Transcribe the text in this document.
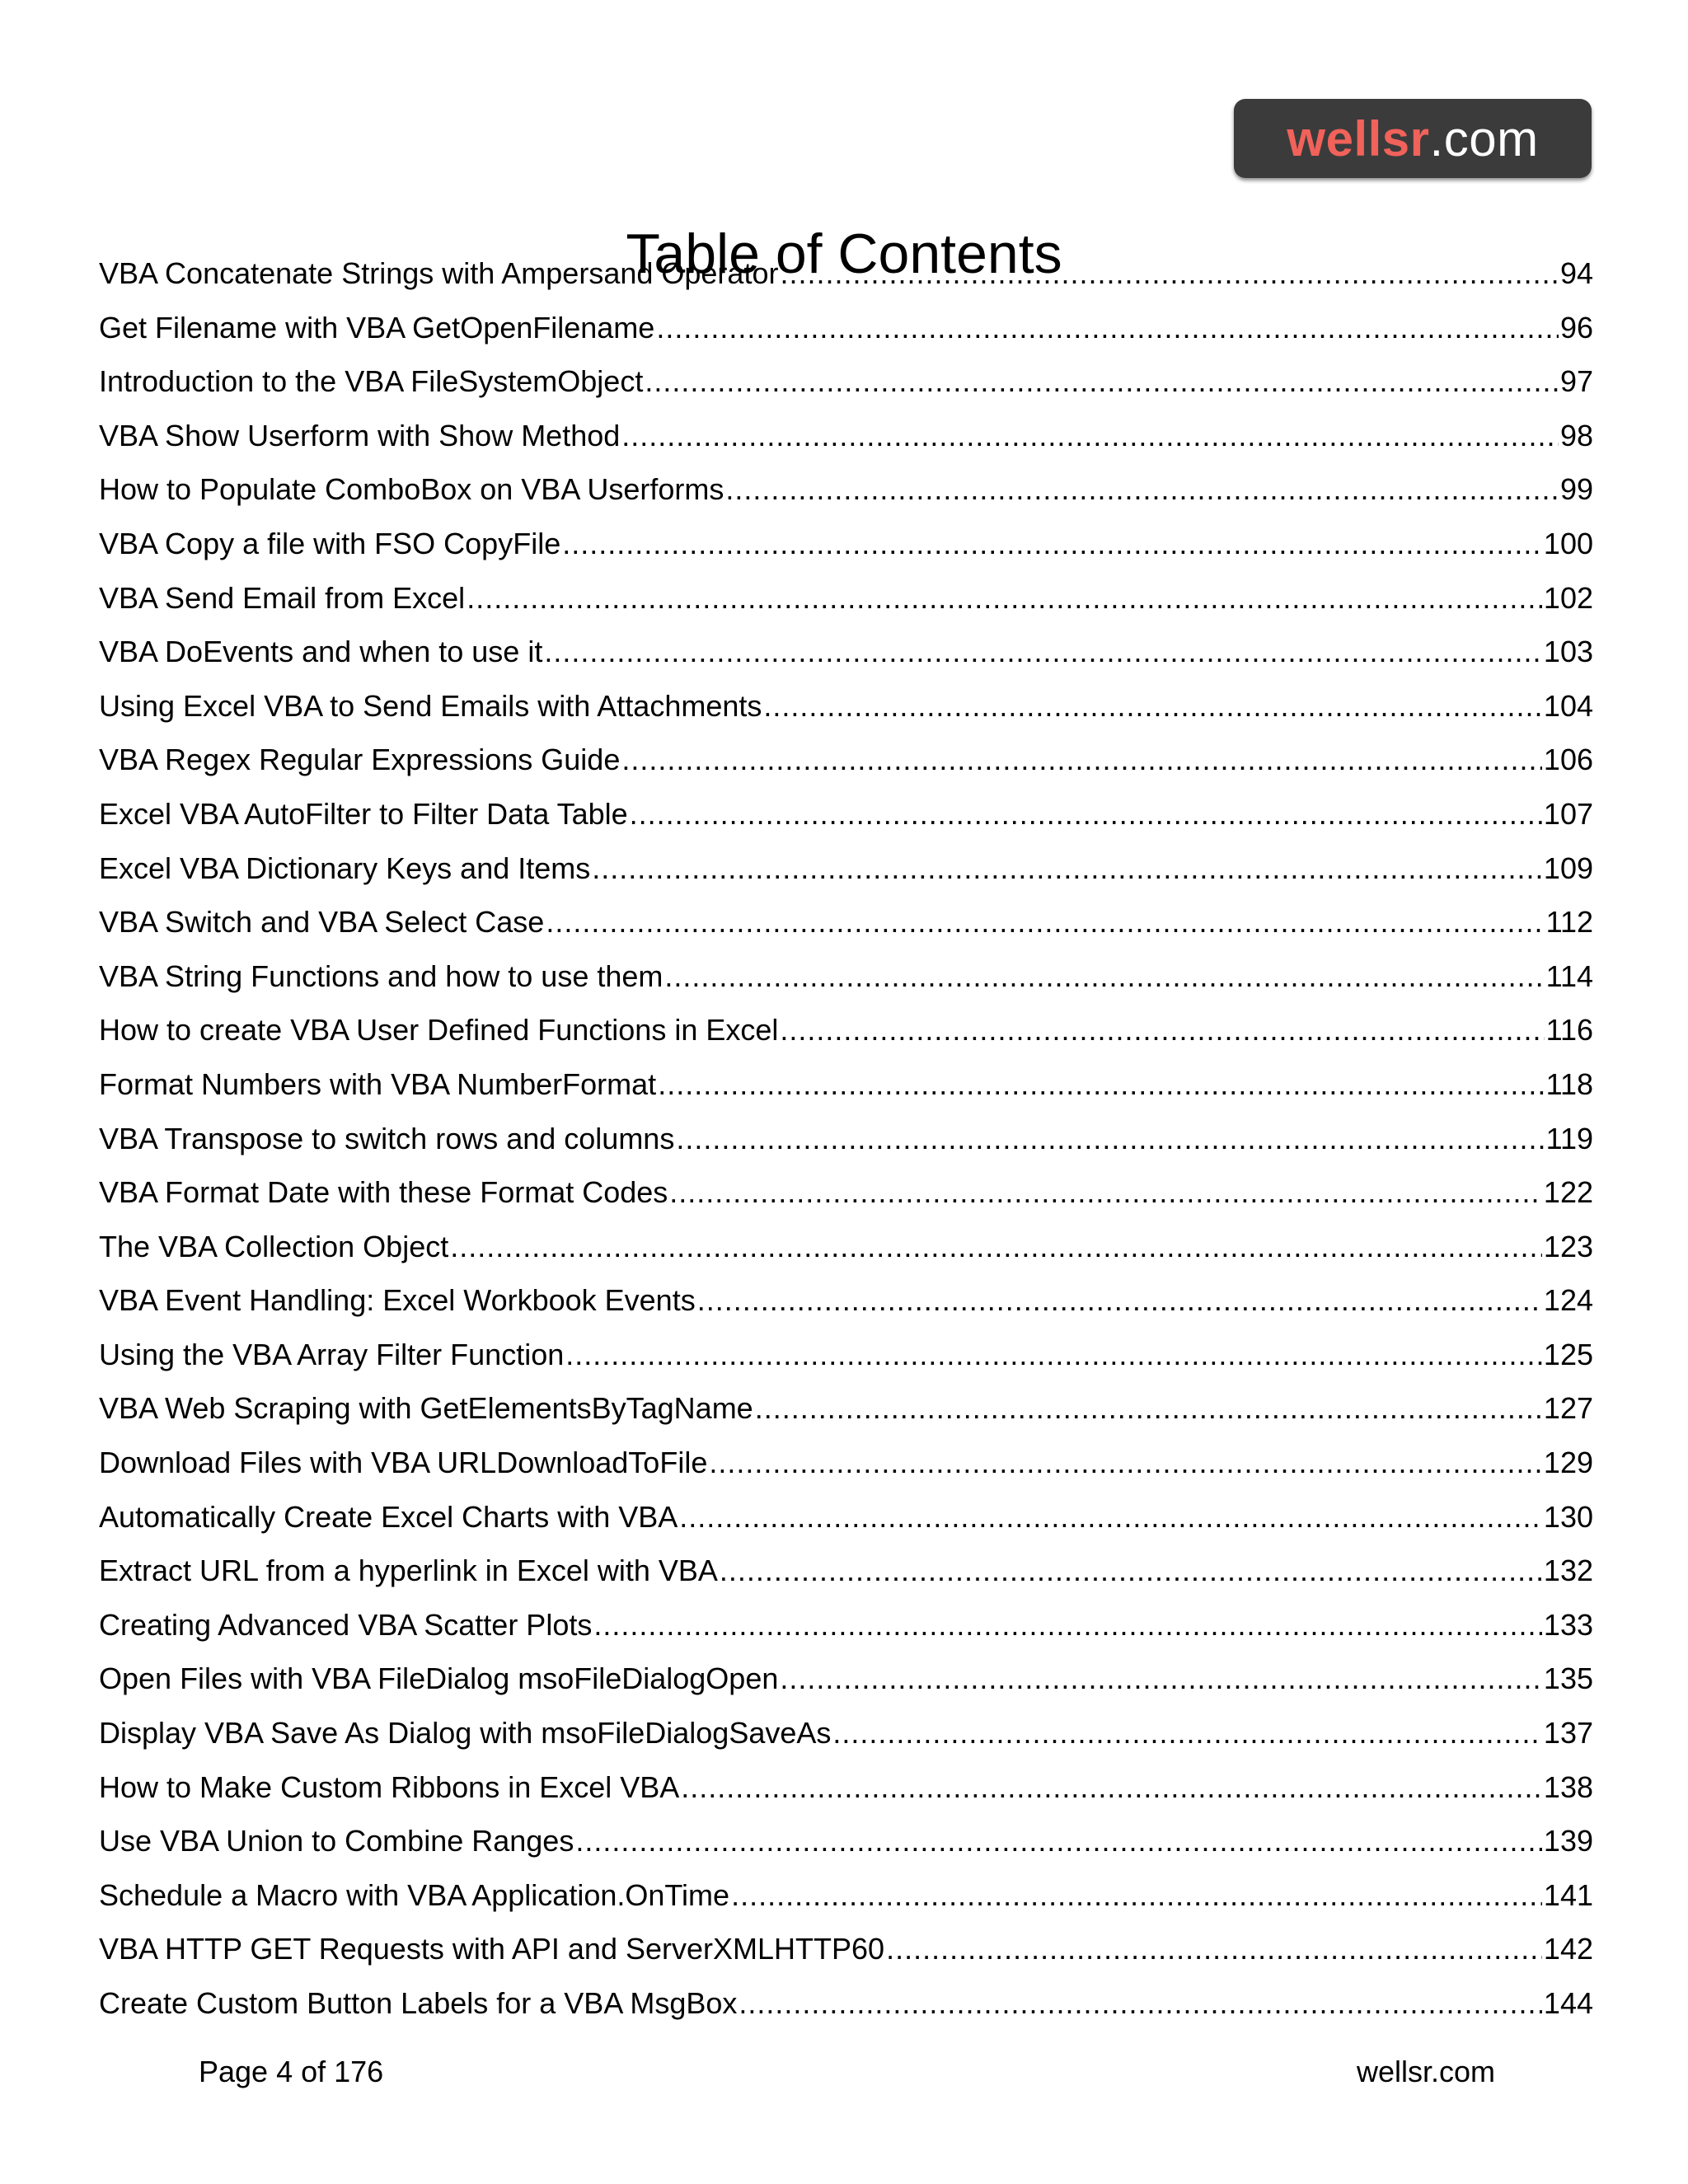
wellsr .com
Table of Contents
VBA Concatenate Strings with Ampersand Operator .....	94
Get Filename with VBA GetOpenFilename .....	96
Introduction to the VBA FileSystemObject .....	97
VBA Show Userform with Show Method .....	98
How to Populate ComboBox on VBA Userforms .....	99
VBA Copy a file with FSO CopyFile .....	100
VBA Send Email from Excel .....	102
VBA DoEvents and when to use it .....	103
Using Excel VBA to Send Emails with Attachments .....	104
VBA Regex Regular Expressions Guide .....	106
Excel VBA AutoFilter to Filter Data Table .....	107
Excel VBA Dictionary Keys and Items .....	109
VBA Switch and VBA Select Case .....	112
VBA String Functions and how to use them .....	114
How to create VBA User Defined Functions in Excel .....	116
Format Numbers with VBA NumberFormat .....	118
VBA Transpose to switch rows and columns .....	119
VBA Format Date with these Format Codes .....	122
The VBA Collection Object .....	123
VBA Event Handling: Excel Workbook Events .....	124
Using the VBA Array Filter Function .....	125
VBA Web Scraping with GetElementsByTagName .....	127
Download Files with VBA URLDownloadToFile .....	129
Automatically Create Excel Charts with VBA .....	130
Extract URL from a hyperlink in Excel with VBA .....	132
Creating Advanced VBA Scatter Plots .....	133
Open Files with VBA FileDialog msoFileDialogOpen .....	135
Display VBA Save As Dialog with msoFileDialogSaveAs .....	137
How to Make Custom Ribbons in Excel VBA .....	138
Use VBA Union to Combine Ranges .....	139
Schedule a Macro with VBA Application.OnTime .....	141
VBA HTTP GET Requests with API and ServerXMLHTTP60 .....	142
Create Custom Button Labels for a VBA MsgBox .....	144
Page 4 of 176	wellsr.com
